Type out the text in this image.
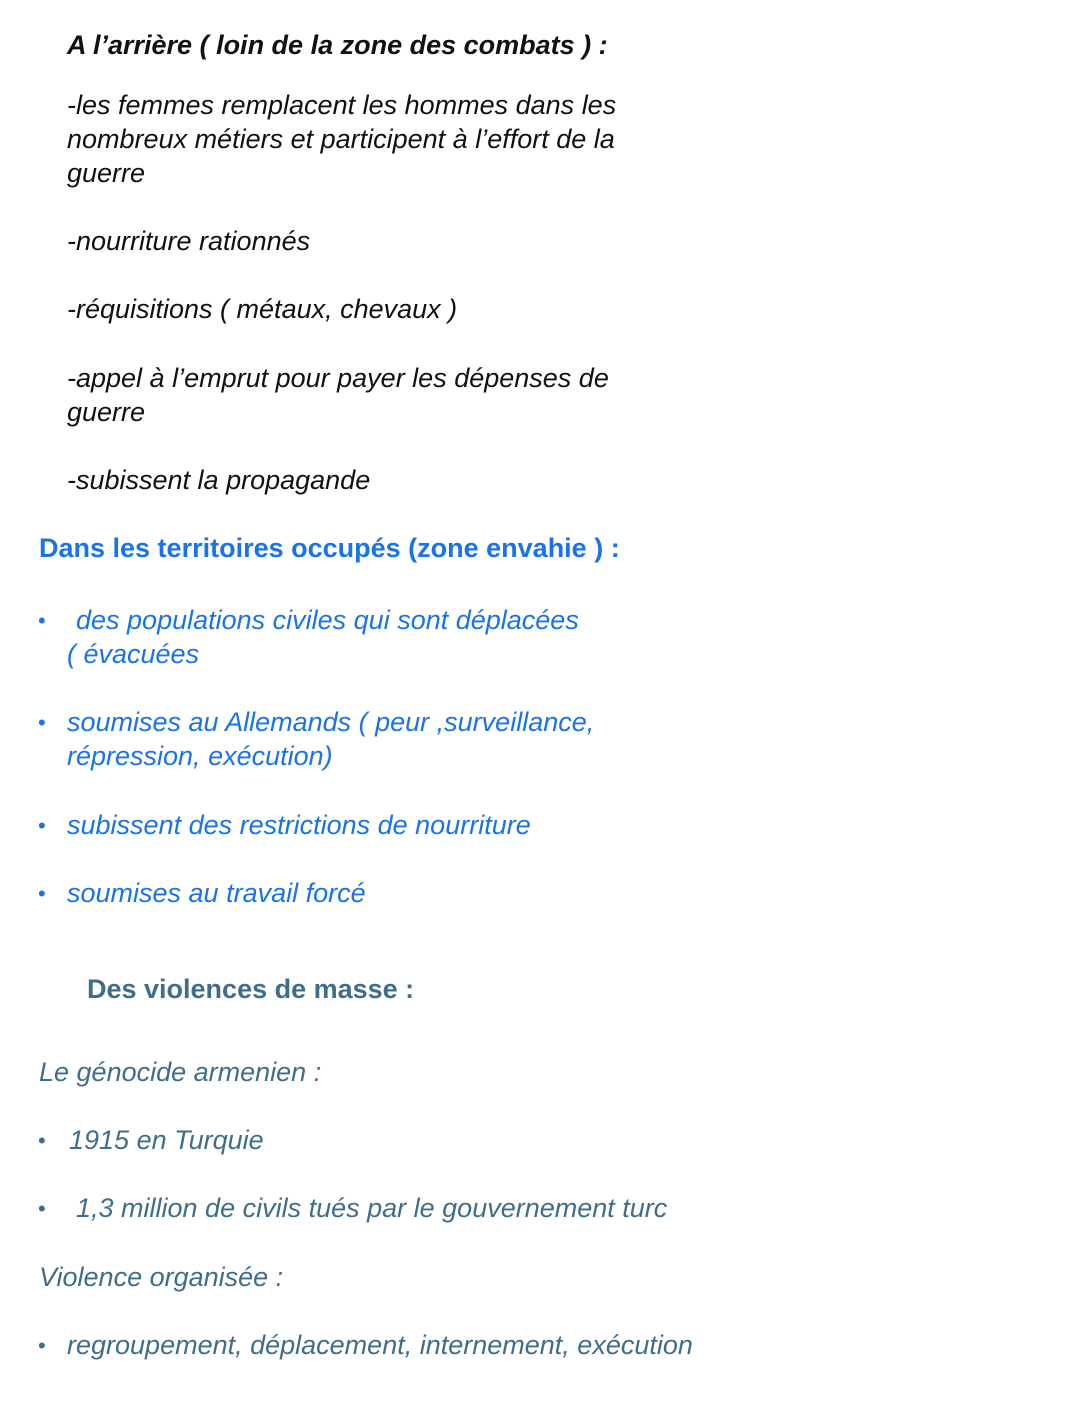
A l’arrière ( loin de la zone des combats ) :
-les femmes remplacent les hommes dans les
nombreux métiers et participent à l’effort de la
guerre
-nourriture rationnés
-réquisitions ( métaux, chevaux )
-appel à l’emprut pour payer les dépenses de
guerre
-subissent la propagande
Dans les territoires occupés (zone envahie ) :
• des populations civiles qui sont déplacées
( évacuées
• soumises au Allemands ( peur ,surveillance,
répression, exécution)
• subissent des restrictions de nourriture
• soumises au travail forcé
Des violences de masse :
Le génocide armenien :
• 1915 en Turquie
• 1,3 million de civils tués par le gouvernement turc
Violence organisée :
• regroupement, déplacement, internement, exécution
